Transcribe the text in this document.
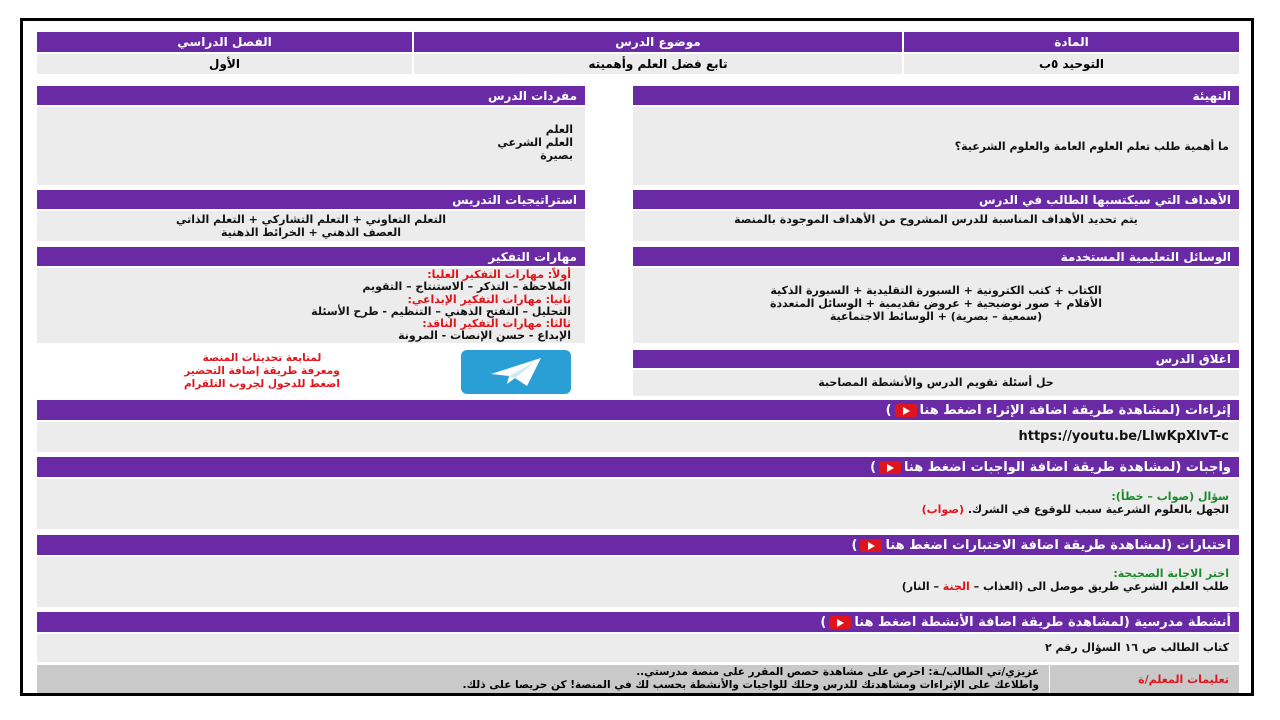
المادة
موضوع الدرس
الفصل الدراسي
التوحيد ٥ب
تابع فضل العلم وأهميته
الأول
التهيئة
ما أهمية طلب تعلم العلوم العامة والعلوم الشرعية؟
مفردات الدرس
العلم
العلم الشرعي
بصيرة
الأهداف التي سيكتسبها الطالب في الدرس
يتم تحديد الأهداف المناسبة للدرس المشروح من الأهداف الموجودة بالمنصة
استراتيجيات التدريس
التعلم التعاوني + التعلم التشاركي + التعلم الذاتي
العصف الذهني + الخرائط الذهنية
الوسائل التعليمية المستخدمة
الكتاب + كتب الكترونية + السبورة التقليدية + السبورة الذكية
الأقلام + صور توضيحية + عروض تقديمية + الوسائل المتعددة
(سمعية – بصرية) + الوسائط الاجتماعية
مهارات التفكير
أولاً: مهارات التفكير العليا:
الملاحظة – التذكر – الاستنتاج – التقويم
ثانيا: مهارات التفكير الإبداعي:
التحليل – التفتح الذهني – التنظيم - طرح الأسئلة
ثالثا: مهارات التفكير الناقد:
الإبداع - حسن الإنصات - المرونة
اغلاق الدرس
حل أسئلة تقويم الدرس والأنشطة المصاحبة
لمتابعة تحديثات المنصة
ومعرفة طريقة إضافة التحضير
اضغط للدخول لجروب التلقرام
إثراءات (لمشاهدة طريقة اضافة الإثراء اضغط هنا
)
https://youtu.be/LlwKpXlvT-c
واجبات (لمشاهدة طريقة اضافة الواجبات اضغط هنا
)
سؤال (صواب – خطأ):
الجهل بالعلوم الشرعية سبب للوقوع في الشرك. (صواب)
اختبارات (لمشاهدة طريقة اضافة الاختبارات اضغط هنا
)
اختر الاجابة الصحيحة:
طلب العلم الشرعي طريق موصل الى (العذاب – الجنة – النار)
أنشطة مدرسية (لمشاهدة طريقة اضافة الأنشطة اضغط هنا
)
كتاب الطالب ص ١٦ السؤال رقم ٢
تعليمات المعلم/ة
عزيزي/تي الطالب/ـة: احرص على مشاهدة حصص المقرر على منصة مدرستي..
واطلاعك على الإثراءات ومشاهدتك للدرس وحلك للواجبات والأنشطة بحسب لك في المنصة! كن حريصا على ذلك.
